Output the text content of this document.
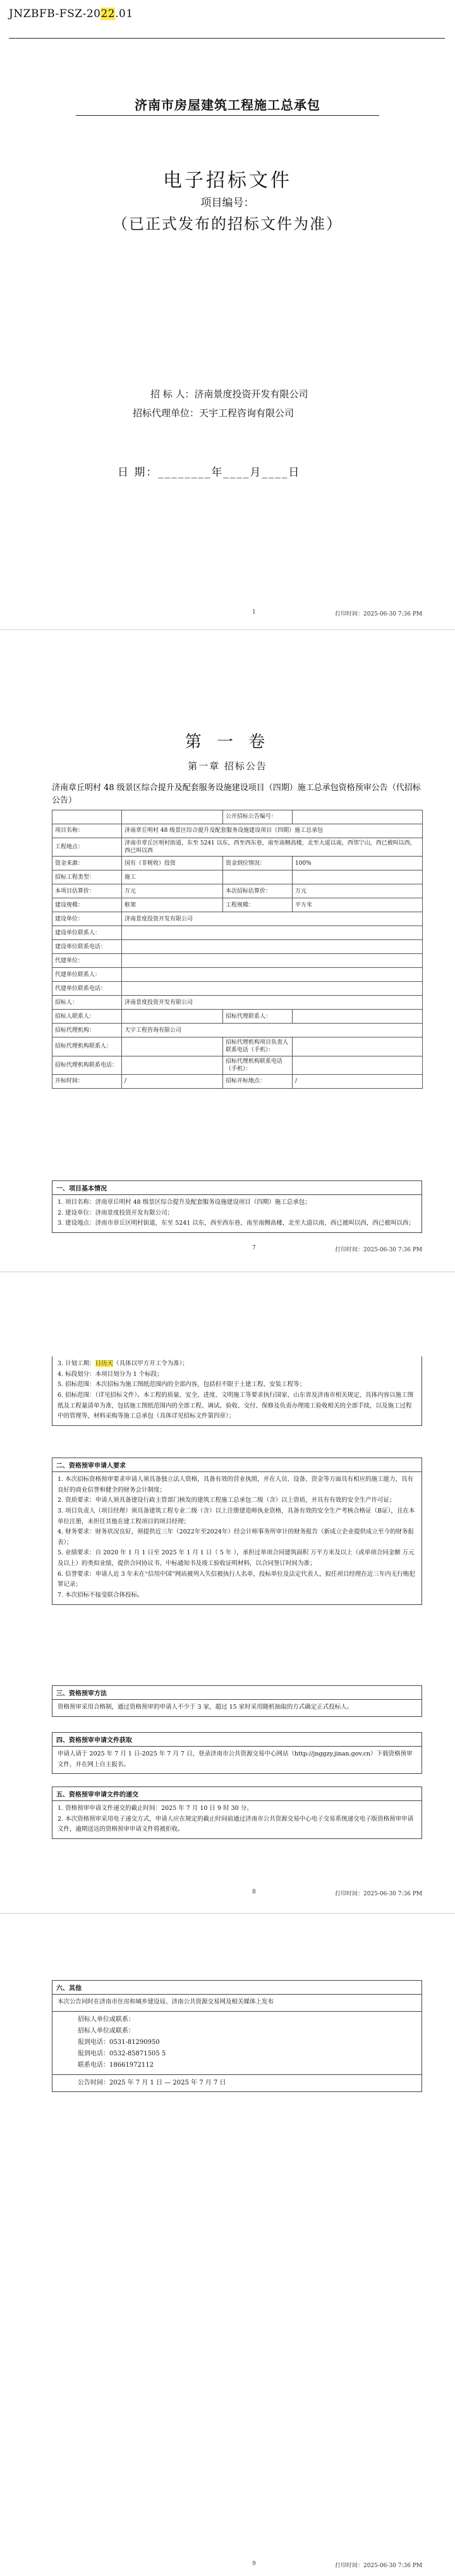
JNZBFB-FSZ-2022.01
济南市房屋建筑工程施工总承包
电子招标文件
项目编号：
（已正式发布的招标文件为准）
招 标 人：济南景度投资开发有限公司
招标代理单位：天宇工程咨询有限公司
日 期：________年____月____日
1	打印时间：2025-06-30 7:36 PM
第 一 卷
第一章 招标公告
济南章丘明村 48 级景区综合提升及配套服务设施建设项目（四期）施工总承包资格预审公告（代招标公告）
		公开招标公告编号：	
项目名称：	济南章丘明村 48 级景区综合提升及配套服务设施建设项目（四期）施工总承包		
工程地点：	济南市章丘区明村街道，东至 5241 以东，西至西东巷，南至南侧高楼，北至大道以南，西邻宁山，西已被叫以西，西已叫以西		
资金来源：	国有（非税收）投资	资金到位情况：	100%
招标工程类型：	施工		
本项目估算价：	万元	本次招标估算价：	万元
建设规模：	框架	工程规模：	平方米
建设单位：	济南景度投资开发有限公司		
建设单位联系人：			
建设单位联系电话：			
代建单位：			
代建单位联系人：			
代建单位联系电话：			
招标人：	济南景度投资开发有限公司		
招标人联系人：		招标代理联系人：	
招标代理机构：	天宇工程咨询有限公司		
招标代理机构联系人：		招标代理机构项目负责人联系电话（手机）：	
招标代理机构联系电话：		招标代理机构联系电话（手机）：	
开标时间：	/	招标开标地点：	/
一、项目基本情况

1. 项目名称：济南章丘明村 48 级景区综合提升及配套服务设施建设项目（四期）施工总承包；

2. 建设单位：济南景度投资开发有限公司；

3. 建设地点：济南市章丘区明村街道，东至 5241 以东，西至西东巷，南至南侧高楼，北至大道以南，西已被叫以西，西已被叫以西；

7	打印时间：2025-06-30 7:36 PM

3. 计划工期：日历天（具体以甲方开工令为准）；

4. 标段划分：本项目划分为 1 个标段；

5. 招标范围：本次招标为施工图纸范围内的全部内容，包括但不限于土建工程、安装工程等；

6. 招标范围：（详见招标文件）。本工程的质量、安全、进度、文明施工等要求执行国家、山东省及济南市相关规定，具体内容以施工图纸及工程量清单为准，包括施工图纸范围内的全部工程、调试、验收、交付、保修及负责办理竣工验收相关的全部手续，以及施工过程中的管理等，材料采购等施工总承包（具体详见招标文件第四章）；

二、资格预审申请人要求

1. 本次招标资格预审要求申请人须具备独立法人资格，具备有效的营业执照，并在人员、设备、资金等方面具有相应的施工能力，具有良好的商业信誉和健全的财务会计制度；

2. 资质要求：申请人须具备建设行政主管部门核发的建筑工程施工总承包二级（含）以上资质，并具有有效的安全生产许可证；

3. 项目负责人（项目经理）须具备建筑工程专业二级（含）以上注册建造师执业资格，具备有效的安全生产考核合格证（B证），且在本单位注册，未担任其他在建工程项目的项目经理；

4. 财务要求：财务状况良好，须提供近三年（2022年至2024年）经会计师事务所审计的财务报告（新成立企业提供成立至今的财务报表）；

5. 业绩要求：自 2020 年 1 月 1 日至 2025 年 1 月 1 日（ 5 年 ），承担过单项合同建筑面积 万平方米及以上（或单项合同金额 万元及以上）的类似业绩，提供合同协议书、中标通知书及竣工验收证明材料，以合同签订时间为准；

6. 信誉要求：申请人近 3 年未在“信用中国”网站被列入失信被执行人名单，投标单位及法定代表人、拟任项目经理在近三年内无行贿犯罪记录；

7. 本次招标不接受联合体投标。

三、资格预审方法

资格预审采用合格制，通过资格预审的申请人不少于 3 家，超过 15 家时采用随机抽取的方式确定正式投标人。

四、资格预审申请文件获取

申请人请于 2025 年 7 月 1 日-2025 年 7 月 7 日，登录济南市公共资源交易中心网站（http://jnggzy.jinan.gov.cn）下载资格预审文件，并在网上自主报名。

五、资格预审申请文件的递交

1. 资格预审申请文件递交的截止时间：2025 年 7 月 10 日 9 时 30 分。

2. 本次资格预审采用电子递交方式，申请人应在规定的截止时间前通过济南市公共资源交易中心电子交易系统递交电子版资格预审申请文件，逾期送达的资格预审申请文件将被拒收。

8	打印时间：2025-06-30 7:36 PM
六、其他

本次公告同时在济南市住房和城乡建设局、济南公共资源交易网及相关媒体上发布

招标人单位或联系：

招标人单位或联系：

报到电话：0531-81290950

报到电话：0532-85871505 5

联系电话：18661972112

公告时间：2025 年 7 月 1 日 — 2025 年 7 月 7 日
9	打印时间：2025-06-30 7:36 PM
